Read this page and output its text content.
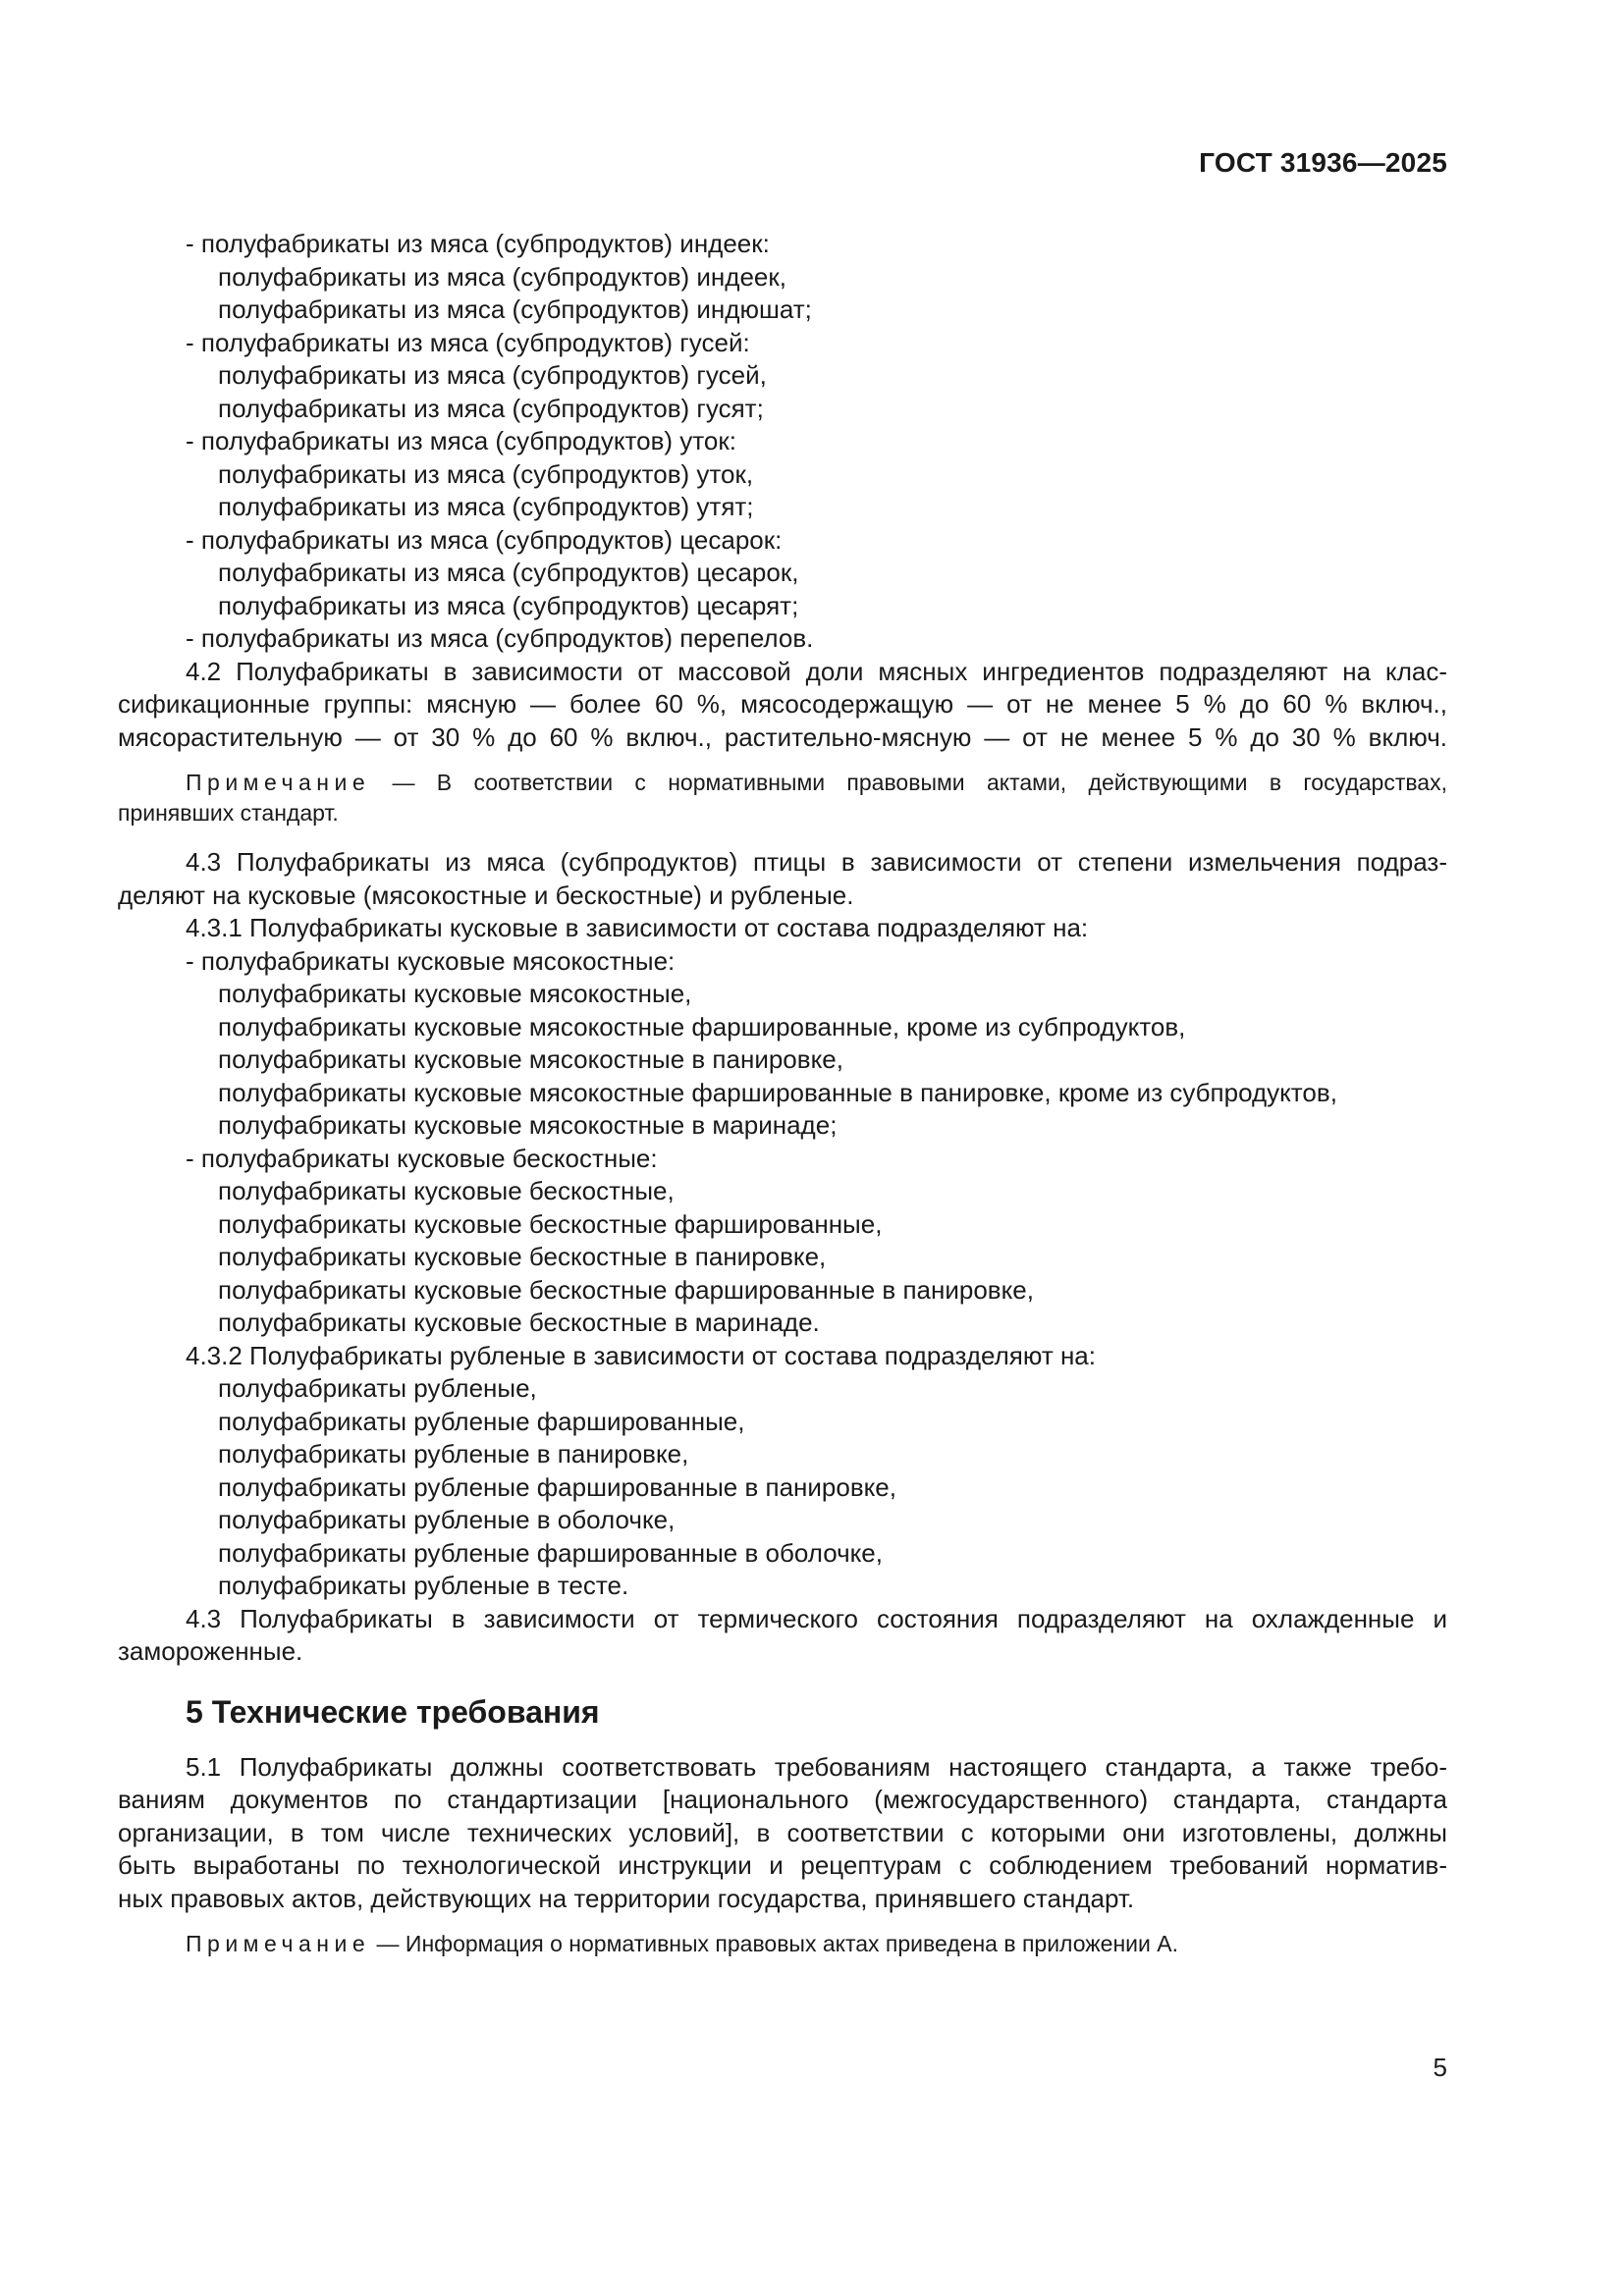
ГОСТ 31936—2025
- полуфабрикаты из мяса (субпродуктов) индеек:
полуфабрикаты из мяса (субпродуктов) индеек,
полуфабрикаты из мяса (субпродуктов) индюшат;
- полуфабрикаты из мяса (субпродуктов) гусей:
полуфабрикаты из мяса (субпродуктов) гусей,
полуфабрикаты из мяса (субпродуктов) гусят;
- полуфабрикаты из мяса (субпродуктов) уток:
полуфабрикаты из мяса (субпродуктов) уток,
полуфабрикаты из мяса (субпродуктов) утят;
- полуфабрикаты из мяса (субпродуктов) цесарок:
полуфабрикаты из мяса (субпродуктов) цесарок,
полуфабрикаты из мяса (субпродуктов) цесарят;
- полуфабрикаты из мяса (субпродуктов) перепелов.
4.2 Полуфабрикаты в зависимости от массовой доли мясных ингредиентов подразделяют на клас-
сификационные группы: мясную — более 60 %, мясосодержащую — от не менее 5 % до 60 % включ.,
мясорастительную — от 30 % до 60 % включ., растительно-мясную — от не менее 5 % до 30 % включ.
Примечание — В соответствии с нормативными правовыми актами, действующими в государствах,
принявших стандарт.
4.3 Полуфабрикаты из мяса (субпродуктов) птицы в зависимости от степени измельчения подраз-
деляют на кусковые (мясокостные и бескостные) и рубленые.
4.3.1 Полуфабрикаты кусковые в зависимости от состава подразделяют на:
- полуфабрикаты кусковые мясокостные:
полуфабрикаты кусковые мясокостные,
полуфабрикаты кусковые мясокостные фаршированные, кроме из субпродуктов,
полуфабрикаты кусковые мясокостные в панировке,
полуфабрикаты кусковые мясокостные фаршированные в панировке, кроме из субпродуктов,
полуфабрикаты кусковые мясокостные в маринаде;
- полуфабрикаты кусковые бескостные:
полуфабрикаты кусковые бескостные,
полуфабрикаты кусковые бескостные фаршированные,
полуфабрикаты кусковые бескостные в панировке,
полуфабрикаты кусковые бескостные фаршированные в панировке,
полуфабрикаты кусковые бескостные в маринаде.
4.3.2 Полуфабрикаты рубленые в зависимости от состава подразделяют на:
полуфабрикаты рубленые,
полуфабрикаты рубленые фаршированные,
полуфабрикаты рубленые в панировке,
полуфабрикаты рубленые фаршированные в панировке,
полуфабрикаты рубленые в оболочке,
полуфабрикаты рубленые фаршированные в оболочке,
полуфабрикаты рубленые в тесте.
4.3 Полуфабрикаты в зависимости от термического состояния подразделяют на охлажденные и
замороженные.
5 Технические требования
5.1 Полуфабрикаты должны соответствовать требованиям настоящего стандарта, а также требо-
ваниям документов по стандартизации [национального (межгосударственного) стандарта, стандарта
организации, в том числе технических условий], в соответствии с которыми они изготовлены, должны
быть выработаны по технологической инструкции и рецептурам с соблюдением требований норматив-
ных правовых актов, действующих на территории государства, принявшего стандарт.
Примечание — Информация о нормативных правовых актах приведена в приложении А.
5
